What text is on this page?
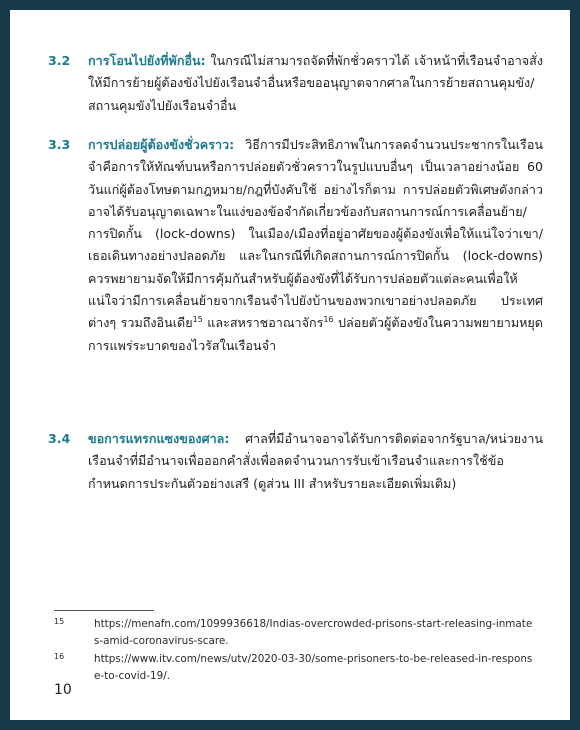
3.2	การโอนไปยังที่พักอื่น: ในกรณีไม่สามารถจัดที่พักชั่วคราวได้ เจ้าหน้าที่เรือนจำอาจสั่งให้มีการย้ายผู้ต้องขังไปยังเรือนจำอื่นหรือขออนุญาตจากศาลในการย้ายสถานคุมขัง/สถานคุมขังไปยังเรือนจำอื่น
3.3	การปล่อยผู้ต้องขังชั่วคราว: วิธีการมีประสิทธิภาพในการลดจำนวนประชากรในเรือนจำคือการให้ทัณฑ์บนหรือการปล่อยตัวชั่วคราวในรูปแบบอื่นๆ เป็นเวลาอย่างน้อย 60 วันแก่ผู้ต้องโทษตามกฎหมาย/กฎที่บังคับใช้ อย่างไรก็ตาม การปล่อยตัวพิเศษดังกล่าวอาจได้รับอนุญาตเฉพาะในแง่ของข้อจำกัดเกี่ยวข้องกับสถานการณ์การเคลื่อนย้าย/การปิดกั้น (lock-downs) ในเมือง/เมืองที่อยู่อาศัยของผู้ต้องขังเพื่อให้แน่ใจว่าเขา/เธอเดินทางอย่างปลอดภัย และในกรณีที่เกิดสถานการณ์การปิดกั้น (lock-downs) ควรพยายามจัดให้มีการคุ้มกันสำหรับผู้ต้องขังที่ได้รับการปล่อยตัวแต่ละคนเพื่อให้แน่ใจว่ามีการเคลื่อนย้ายจากเรือนจำไปยังบ้านของพวกเขาอย่างปลอดภัย ประเทศต่างๆ รวมถึงอินเดีย$^{15}$ และสหราชอาณาจักร$^{16}$ ปล่อยตัวผู้ต้องขังในความพยายามหยุดการแพร่ระบาดของไวรัสในเรือนจำ
3.4	ขอการแทรกแซงของศาล: ศาลที่มีอำนาจอาจได้รับการติดต่อจากรัฐบาล/หน่วยงานเรือนจำที่มีอำนาจเพื่อออกคำสั่งเพื่อลดจำนวนการรับเข้าเรือนจำและการใช้ข้อกำหนดการประกันตัวอย่างเสรี (ดูส่วน III สำหรับรายละเอียดเพิ่มเติม)
15	https://menafn.com/1099936618/Indias-overcrowded-prisons-start-releasing-inmates-amid-coronavirus-scare.
16	https://www.itv.com/news/utv/2020-03-30/some-prisoners-to-be-released-in-response-to-covid-19/.
10
